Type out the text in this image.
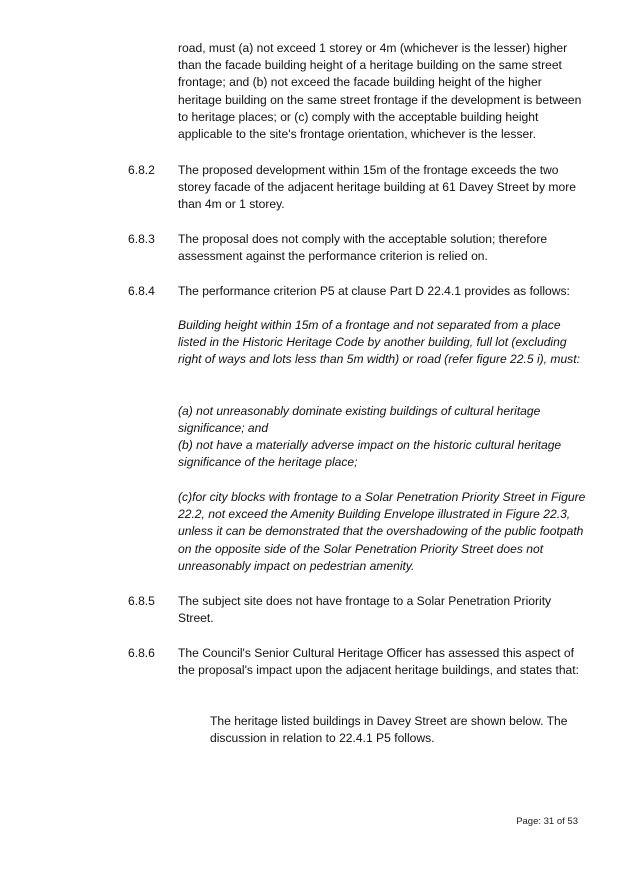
road, must (a) not exceed 1 storey or 4m (whichever is the lesser) higher than the facade building height of a heritage building on the same street frontage; and (b) not exceed the facade building height of the higher heritage building on the same street frontage if the development is between to heritage places; or (c) comply with the acceptable building height applicable to the site's frontage orientation, whichever is the lesser.

6.8.2 The proposed development within 15m of the frontage exceeds the two storey facade of the adjacent heritage building at 61 Davey Street by more than 4m or 1 storey.

6.8.3 The proposal does not comply with the acceptable solution; therefore assessment against the performance criterion is relied on.

6.8.4 The performance criterion P5 at clause Part D 22.4.1 provides as follows:

Building height within 15m of a frontage and not separated from a place listed in the Historic Heritage Code by another building, full lot (excluding right of ways and lots less than 5m width) or road (refer figure 22.5 i), must:

(a) not unreasonably dominate existing buildings of cultural heritage significance; and

(b) not have a materially adverse impact on the historic cultural heritage significance of the heritage place;

(c)for city blocks with frontage to a Solar Penetration Priority Street in Figure 22.2, not exceed the Amenity Building Envelope illustrated in Figure 22.3, unless it can be demonstrated that the overshadowing of the public footpath on the opposite side of the Solar Penetration Priority Street does not unreasonably impact on pedestrian amenity.

6.8.5 The subject site does not have frontage to a Solar Penetration Priority Street.

6.8.6 The Council's Senior Cultural Heritage Officer has assessed this aspect of the proposal's impact upon the adjacent heritage buildings, and states that:

The heritage listed buildings in Davey Street are shown below. The discussion in relation to 22.4.1 P5 follows.

Page: 31 of 53
